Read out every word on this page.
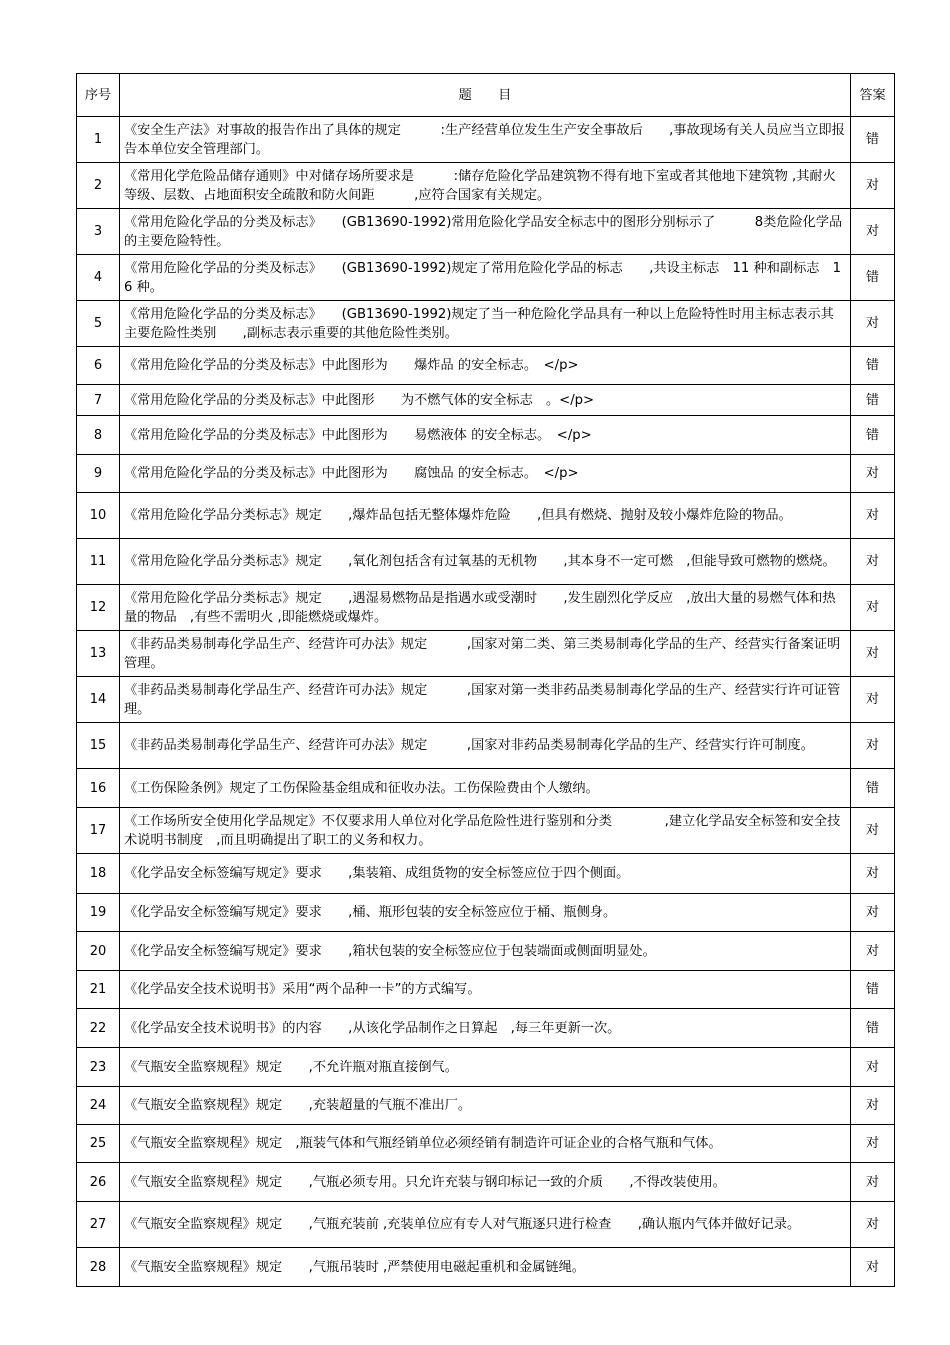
序号	题　　目	答案
1	《安全生产法》对事故的报告作出了具体的规定　　　:生产经营单位发生生产安全事故后　　,事故现场有关人员应当立即报告本单位安全管理部门。	错
2	《常用化学危险品储存通则》中对储存场所要求是　　　:储存危险化学品建筑物不得有地下室或者其他地下建筑物 ,其耐火等级、层数、占地面积安全疏散和防火间距　　　,应符合国家有关规定。	对
3	《常用危险化学品的分类及标志》　　(GB13690-1992)常用危险化学品安全标志中的图形分别标示了　　　8类危险化学品的主要危险特性。	对
4	《常用危险化学品的分类及标志》　　(GB13690-1992)规定了常用危险化学品的标志　　,共设主标志　11 种和副标志　16 种。	错
5	《常用危险化学品的分类及标志》　　(GB13690-1992)规定了当一种危险化学品具有一种以上危险特性时用主标志表示其主要危险性类别　　,副标志表示重要的其他危险性类别。	对
6	《常用危险化学品的分类及标志》中此图形为　　爆炸品 的安全标志。　</p>	错
7	《常用危险化学品的分类及标志》中此图形　　为不燃气体的安全标志　。</p>	错
8	《常用危险化学品的分类及标志》中此图形为　　易燃液体 的安全标志。　</p>	错
9	《常用危险化学品的分类及标志》中此图形为　　腐蚀品 的安全标志。　</p>	对
10	《常用危险化学品分类标志》规定　　,爆炸品包括无整体爆炸危险　　,但具有燃烧、抛射及较小爆炸危险的物品。	对
11	《常用危险化学品分类标志》规定　　,氧化剂包括含有过氧基的无机物　　,其本身不一定可燃　,但能导致可燃物的燃烧。	对
12	《常用危险化学品分类标志》规定　　,遇湿易燃物品是指遇水或受潮时　　,发生剧烈化学反应　,放出大量的易燃气体和热量的物品　,有些不需明火 ,即能燃烧或爆炸。	对
13	《非药品类易制毒化学品生产、经营许可办法》规定　　　,国家对第二类、第三类易制毒化学品的生产、经营实行备案证明管理。	对
14	《非药品类易制毒化学品生产、经营许可办法》规定　　　,国家对第一类非药品类易制毒化学品的生产、经营实行许可证管理。	对
15	《非药品类易制毒化学品生产、经营许可办法》规定　　　,国家对非药品类易制毒化学品的生产、经营实行许可制度。	对
16	《工伤保险条例》规定了工伤保险基金组成和征收办法。工伤保险费由个人缴纳。	错
17	《工作场所安全使用化学品规定》不仅要求用人单位对化学品危险性进行鉴别和分类　　　　,建立化学品安全标签和安全技术说明书制度　,而且明确提出了职工的义务和权力。	对
18	《化学品安全标签编写规定》要求　　,集装箱、成组货物的安全标签应位于四个侧面。	对
19	《化学品安全标签编写规定》要求　　,桶、瓶形包装的安全标签应位于桶、瓶侧身。	对
20	《化学品安全标签编写规定》要求　　,箱状包装的安全标签应位于包装端面或侧面明显处。	对
21	《化学品安全技术说明书》采用“两个品种一卡”的方式编写。	错
22	《化学品安全技术说明书》的内容　　,从该化学品制作之日算起　,每三年更新一次。	错
23	《气瓶安全监察规程》规定　　,不允许瓶对瓶直接倒气。	对
24	《气瓶安全监察规程》规定　　,充装超量的气瓶不准出厂。	对
25	《气瓶安全监察规程》规定　,瓶装气体和气瓶经销单位必须经销有制造许可证企业的合格气瓶和气体。	对
26	《气瓶安全监察规程》规定　　,气瓶必须专用。只允许充装与钢印标记一致的介质　　,不得改装使用。	对
27	《气瓶安全监察规程》规定　　,气瓶充装前 ,充装单位应有专人对气瓶逐只进行检查　　,确认瓶内气体并做好记录。	对
28	《气瓶安全监察规程》规定　　,气瓶吊装时 ,严禁使用电磁起重机和金属链绳。	对
